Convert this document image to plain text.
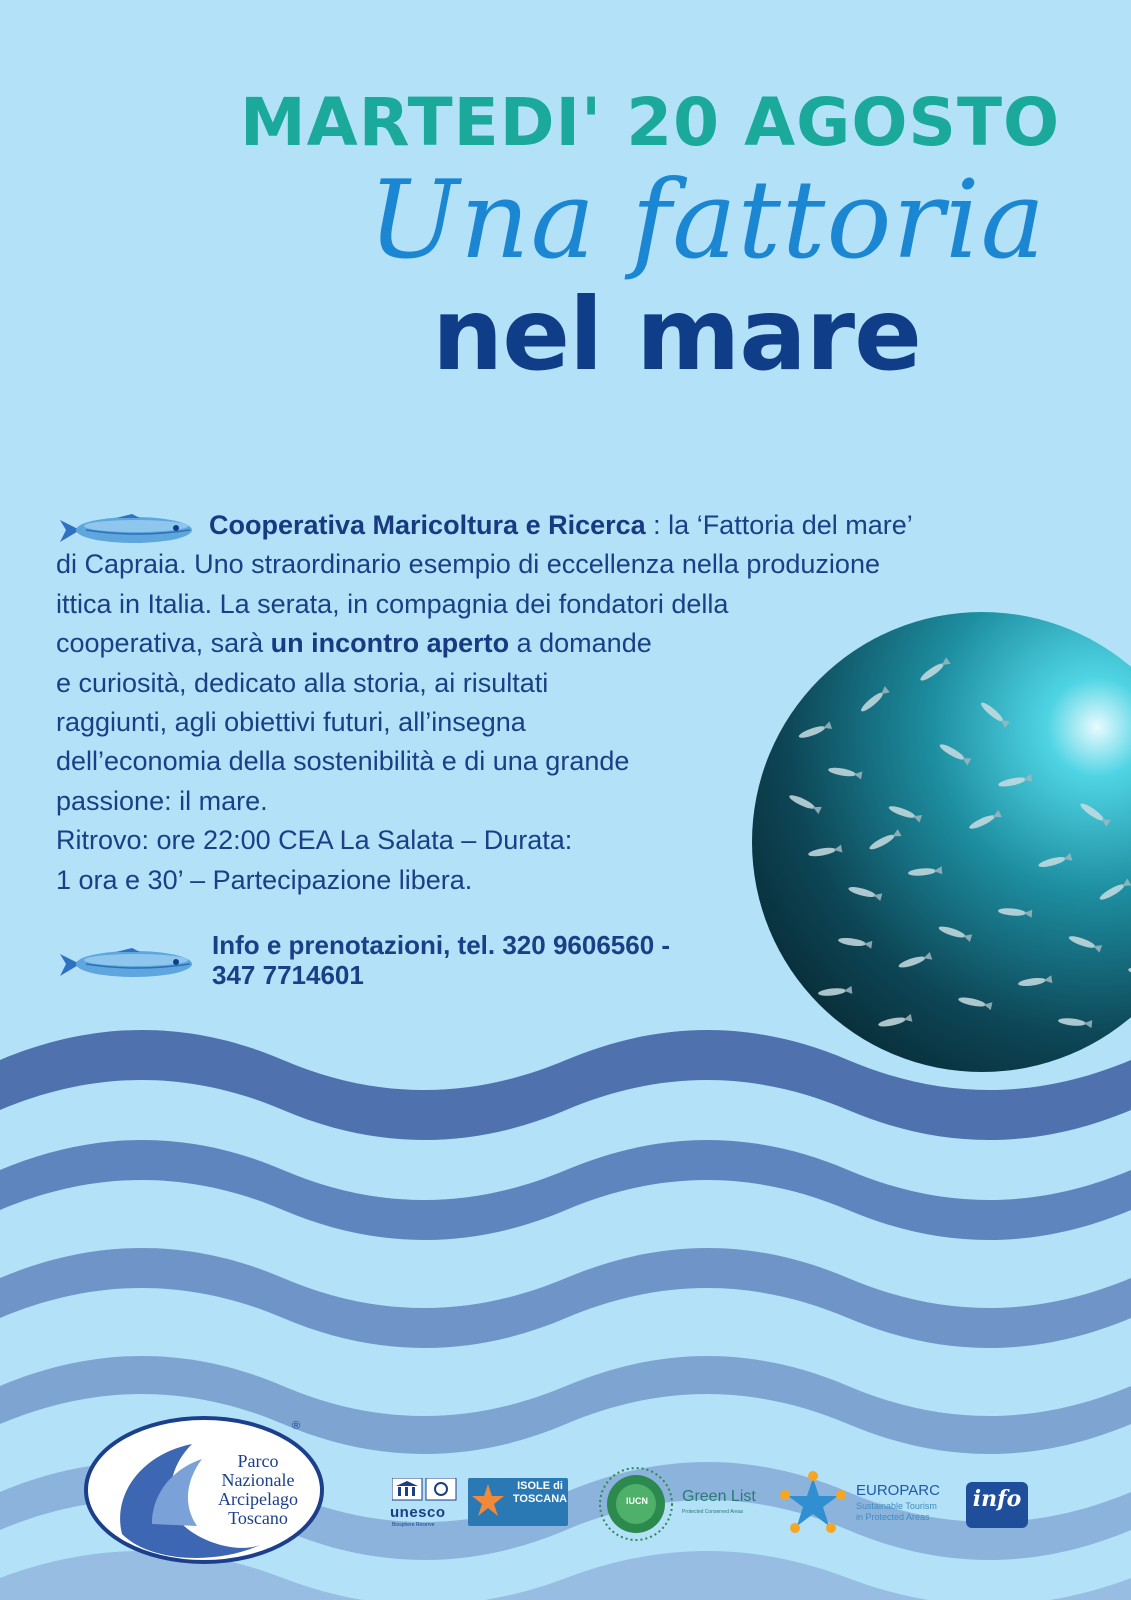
MARTEDI' 20 AGOSTO
Una fattoria
nel mare
Cooperativa Maricoltura e Ricerca : la ‘Fattoria del mare’
di Capraia. Uno straordinario esempio di eccellenza nella produzione
ittica in Italia. La serata, in compagnia dei fondatori della
cooperativa, sarà un incontro aperto a domande
e curiosità, dedicato alla storia, ai risultati
raggiunti, agli obiettivi futuri, all’insegna
dell’economia della sostenibilità e di una grande
passione: il mare.
Ritrovo: ore 22:00 CEA La Salata – Durata:
1 ora e 30’ – Partecipazione libera.
Info e prenotazioni, tel. 320 9606560 -
347 7714601
Parco
Nazionale
Arcipelago
Toscano
®
unesco
Biosphere Reserve
ISOLE di
TOSCANA	IUCN Green List
Protected Conserved Areas
EUROPARC
Sustainable Tourism
in Protected Areas
info
